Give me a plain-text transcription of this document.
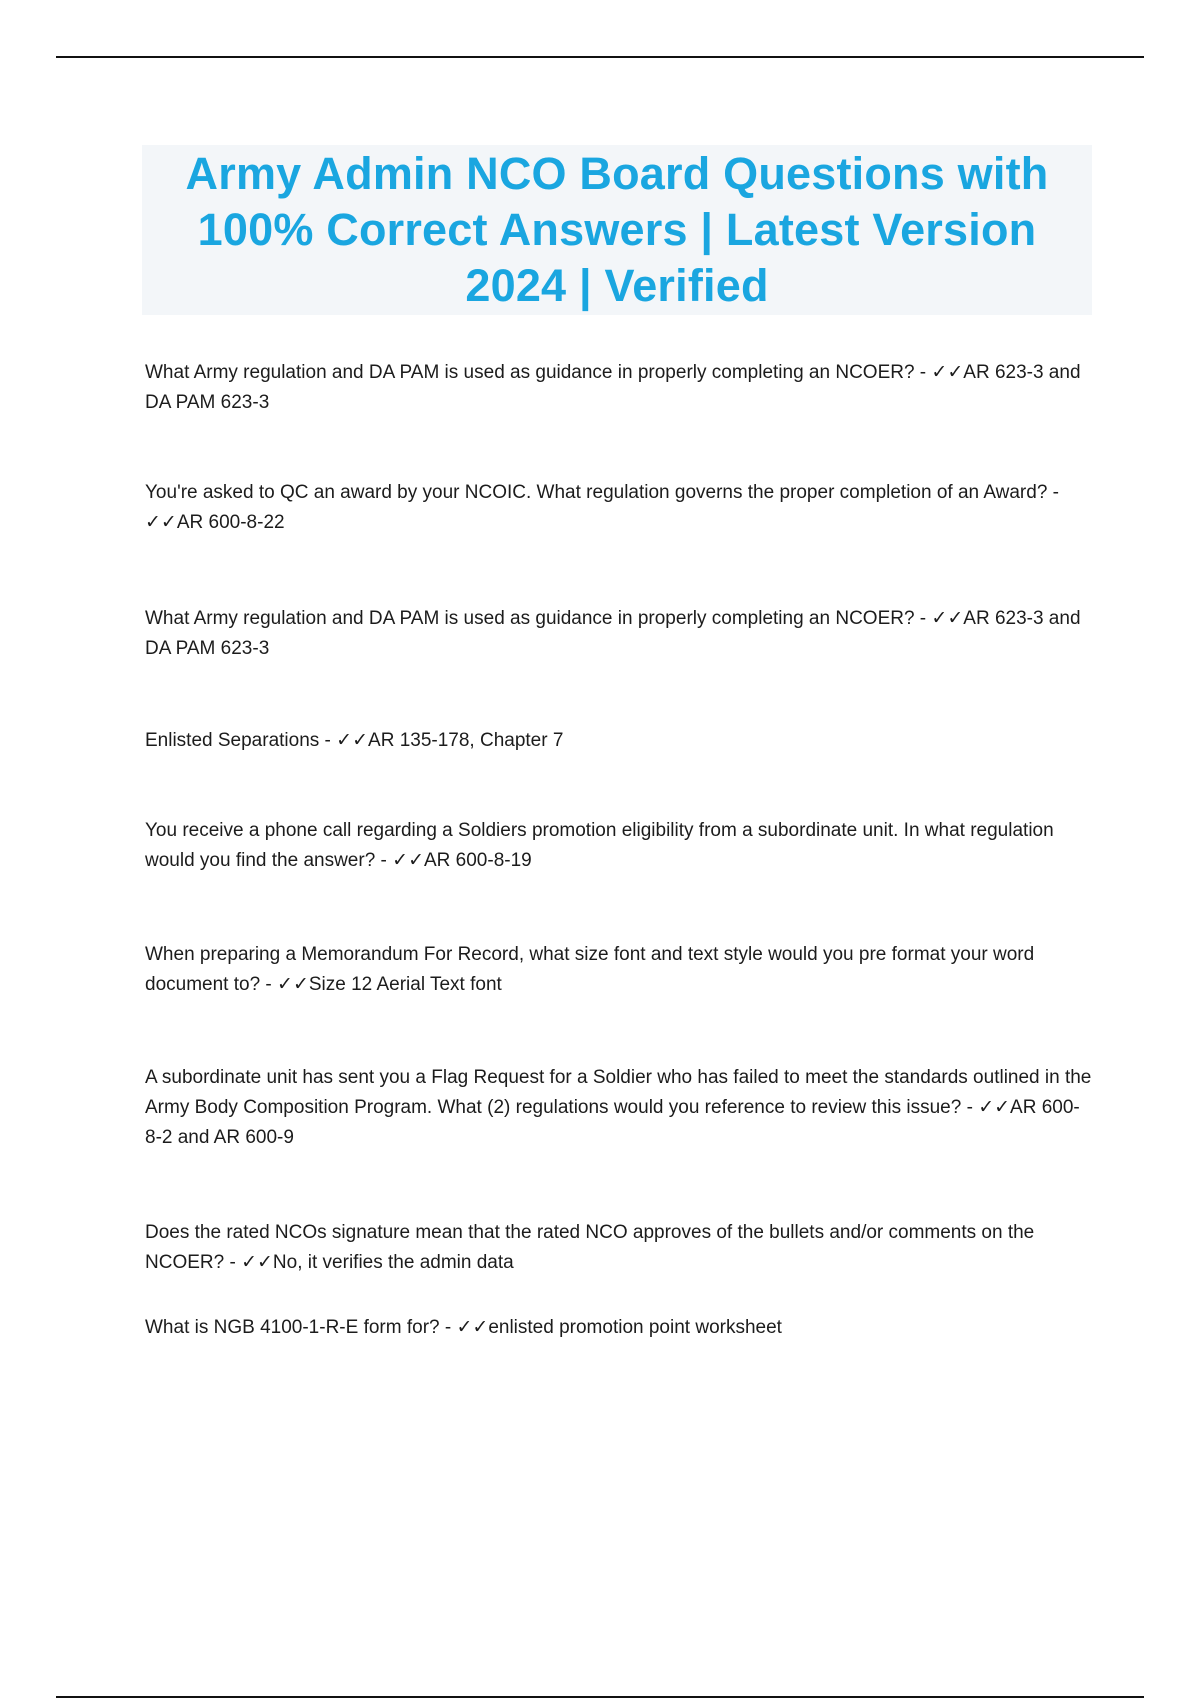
Army Admin NCO Board Questions with 100% Correct Answers | Latest Version 2024 | Verified

What Army regulation and DA PAM is used as guidance in properly completing an NCOER? - ✓✓AR 623-3 and DA PAM 623-3

You're asked to QC an award by your NCOIC. What regulation governs the proper completion of an Award? - ✓✓AR 600-8-22

What Army regulation and DA PAM is used as guidance in properly completing an NCOER? - ✓✓AR 623-3 and DA PAM 623-3

Enlisted Separations - ✓✓AR 135-178, Chapter 7

You receive a phone call regarding a Soldiers promotion eligibility from a subordinate unit. In what regulation would you find the answer? - ✓✓AR 600-8-19

When preparing a Memorandum For Record, what size font and text style would you pre format your word document to? - ✓✓Size 12 Aerial Text font

A subordinate unit has sent you a Flag Request for a Soldier who has failed to meet the standards outlined in the Army Body Composition Program. What (2) regulations would you reference to review this issue? - ✓✓AR 600-8-2 and AR 600-9

Does the rated NCOs signature mean that the rated NCO approves of the bullets and/or comments on the NCOER? - ✓✓No, it verifies the admin data

What is NGB 4100-1-R-E form for? - ✓✓enlisted promotion point worksheet
